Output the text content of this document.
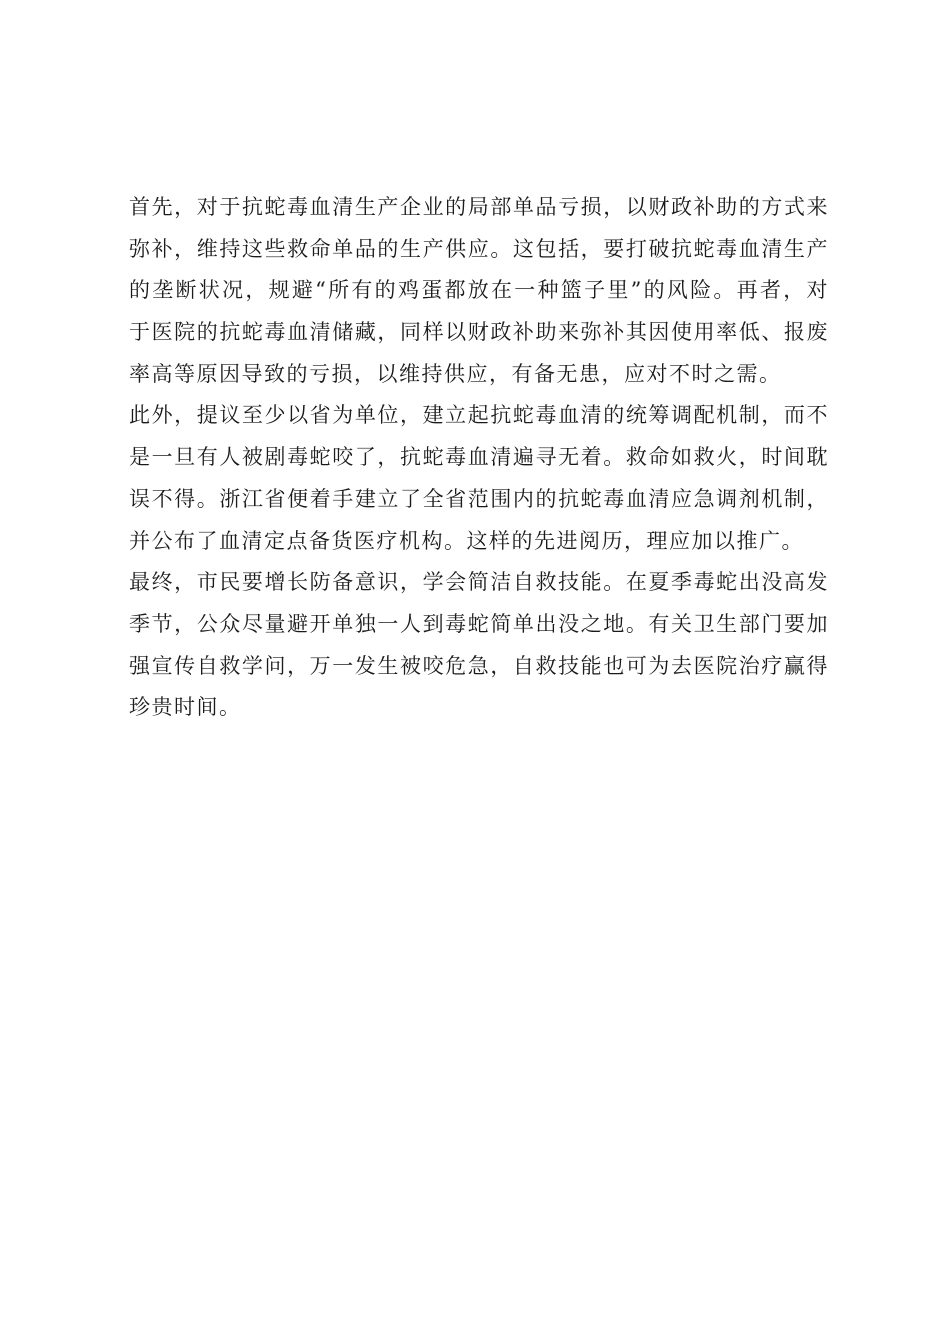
首先，对于抗蛇毒血清生产企业的局部单品亏损，以财政补助的方式来
弥补，维持这些救命单品的生产供应。这包括，要打破抗蛇毒血清生产
的垄断状况，规避“所有的鸡蛋都放在一种篮子里”的风险。再者，对
于医院的抗蛇毒血清储藏，同样以财政补助来弥补其因使用率低、报废
率高等原因导致的亏损，以维持供应，有备无患，应对不时之需。
此外，提议至少以省为单位，建立起抗蛇毒血清的统筹调配机制，而不
是一旦有人被剧毒蛇咬了，抗蛇毒血清遍寻无着。救命如救火，时间耽
误不得。浙江省便着手建立了全省范围内的抗蛇毒血清应急调剂机制，
并公布了血清定点备货医疗机构。这样的先进阅历，理应加以推广。
最终，市民要增长防备意识，学会简洁自救技能。在夏季毒蛇出没高发
季节，公众尽量避开单独一人到毒蛇简单出没之地。有关卫生部门要加
强宣传自救学问，万一发生被咬危急，自救技能也可为去医院治疗赢得
珍贵时间。
